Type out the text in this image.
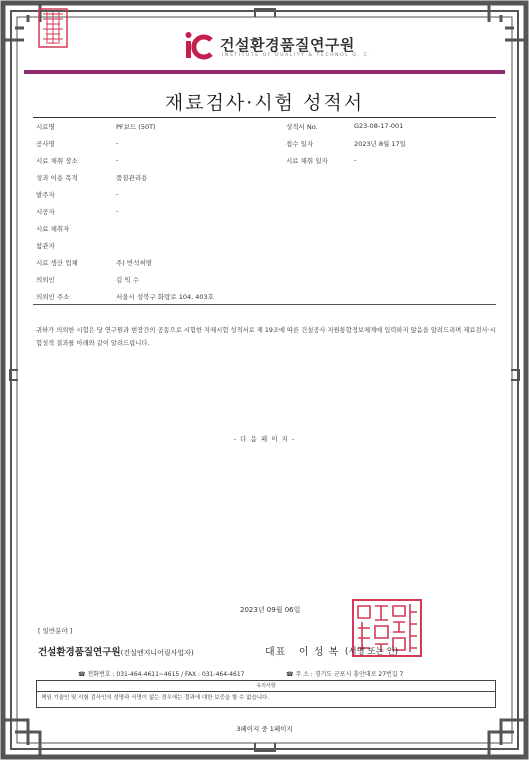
건설환경품질연구원
INSTITUTE OF QUALITY & TECHNOL Q. C.
재료검사·시험 성적서
시료명	PF보드 (50T)	성적서 No.	G23-08-17-001
공사명	-	접수 일자	2023년 8월 17일
시료 채취 장소	-	시료 채취 일자	-
성과 이용 목적	품질관리용
발주자	-
시공자	-
시료 채취자
참관자
시료 생산 업체	주) 반석써멈
의뢰인	김 익 수
의뢰인 주소	서울시 성북구 화랑로 104, 403호
귀하가 의뢰한 시험은 당 연구원과 현장간의 공동으로 시험한 자체시험 성적서로 제 19조에 따른 건설공사 지원통합정보체계에 입력하지 않음을 알려드리며 재료검사·시험성적 결과를 아래와 같이 알려드립니다.
- 다 음 페 이 지 -
2023년 09월 06일
[ 일반분야 ]
건설환경품질연구원(건설엔지니어링사업자)	대표 이 성 복 (서명 또는 인)
☎ 전화번호 : 031-464-4611~4615 / FAX : 031-464-4617	☎ 주 소 : 경기도 군포시 흥안대로 27번길 7
유의사항
책임 기술인 및 시험 검사인의 성명과 서명이 없는 경우에는 결과에 대한 보증을 할 수 없습니다.
3페이지 중 1페이지
